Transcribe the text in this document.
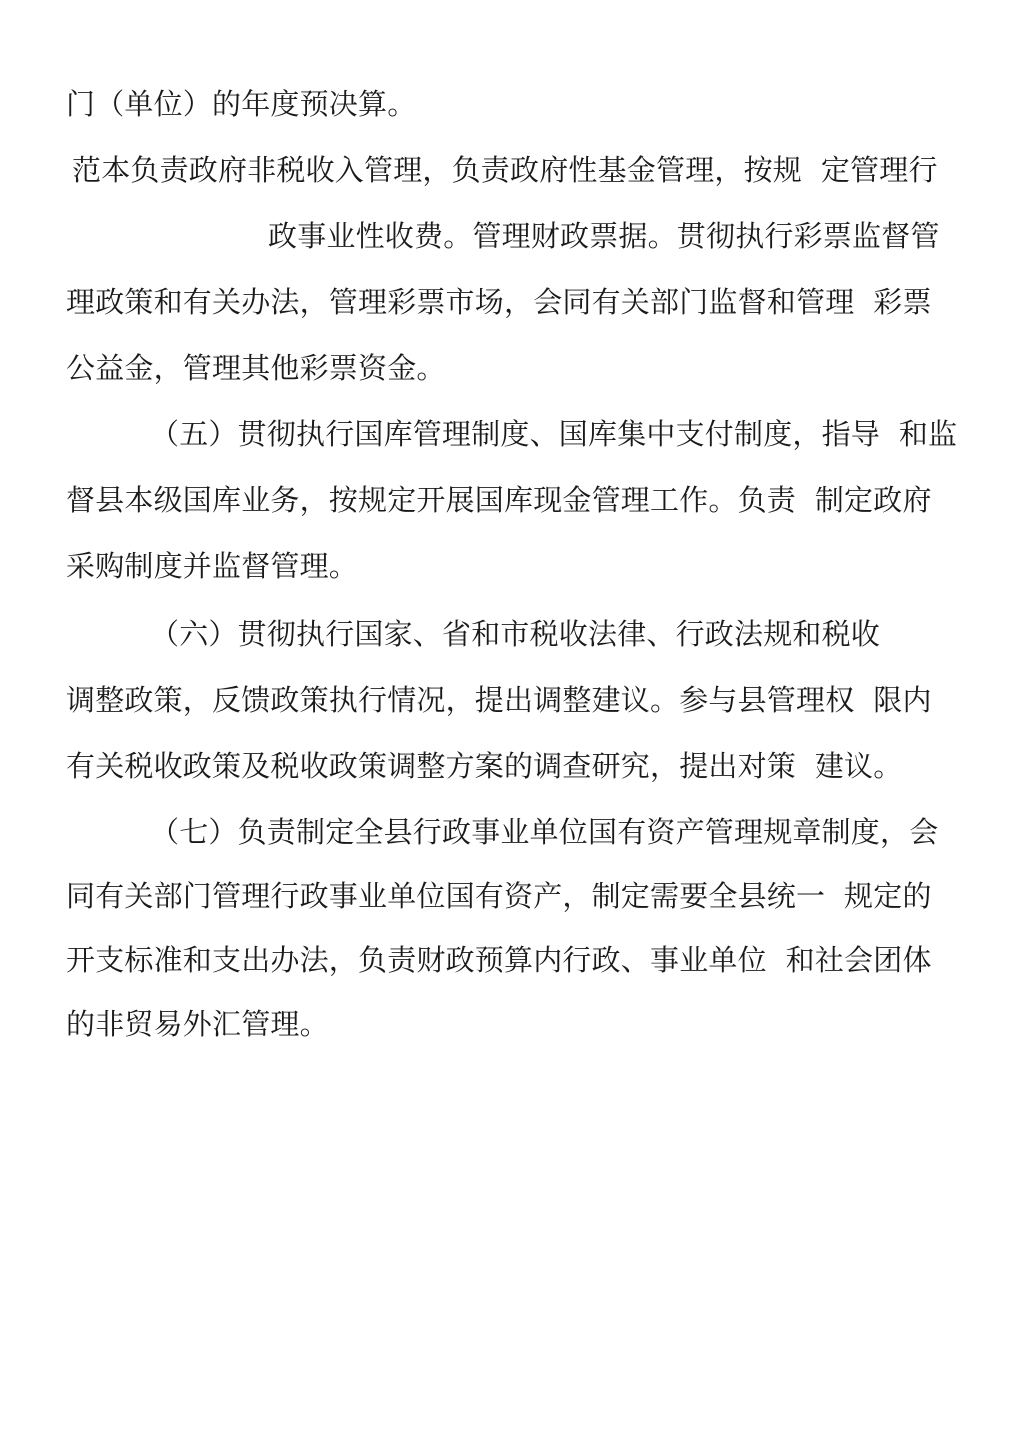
门（单位）的年度预决算。
范本负责政府非税收入管理，负责政府性基金管理，按规  定管理行
政事业性收费。管理财政票据。贯彻执行彩票监督管
理政策和有关办法，管理彩票市场，会同有关部门监督和管理  彩票
公益金，管理其他彩票资金。
（五）贯彻执行国库管理制度、国库集中支付制度，指导  和监
督县本级国库业务，按规定开展国库现金管理工作。负责  制定政府
采购制度并监督管理。
（六）贯彻执行国家、省和市税收法律、行政法规和税收
调整政策，反馈政策执行情况，提出调整建议。参与县管理权  限内
有关税收政策及税收政策调整方案的调查研究，提出对策  建议。
（七）负责制定全县行政事业单位国有资产管理规章制度，会
同有关部门管理行政事业单位国有资产，制定需要全县统一  规定的
开支标准和支出办法，负责财政预算内行政、事业单位  和社会团体
的非贸易外汇管理。
